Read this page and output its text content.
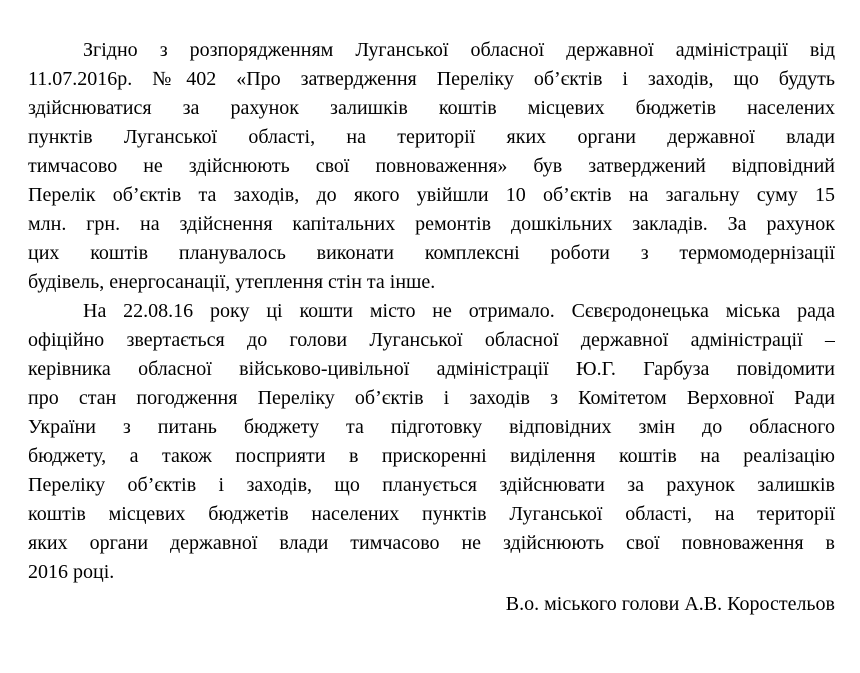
Згідно з розпорядженням Луганської обласної державної адміністрації від
11.07.2016р. №402 «Про затвердження Переліку об’єктів і заходів, що будуть
здійснюватися за рахунок залишків коштів місцевих бюджетів населених
пунктів Луганської області, на території яких органи державної влади
тимчасово не здійснюють свої повноваження» був затверджений відповідний
Перелік об’єктів та заходів, до якого увійшли 10 об’єктів на загальну суму 15
млн. грн. на здійснення капітальних ремонтів дошкільних закладів. За рахунок
цих коштів планувалось виконати комплексні роботи з термомодернізації
будівель, енергосанації, утеплення стін та інше.
На 22.08.16 року ці кошти місто не отримало. Сєвєродонецька міська рада
офіційно звертається до голови Луганської обласної державної адміністрації –
керівника обласної військово-цивільної адміністрації Ю.Г. Гарбуза повідомити
про стан погодження Переліку об’єктів і заходів з Комітетом Верховної Ради
України з питань бюджету та підготовку відповідних змін до обласного
бюджету, а також посприяти в прискоренні виділення коштів на реалізацію
Переліку об’єктів і заходів, що планується здійснювати за рахунок залишків
коштів місцевих бюджетів населених пунктів Луганської області, на території
яких органи державної влади тимчасово не здійснюють свої повноваження в
2016 році.
В.о. міського голови А.В. Коростельов
